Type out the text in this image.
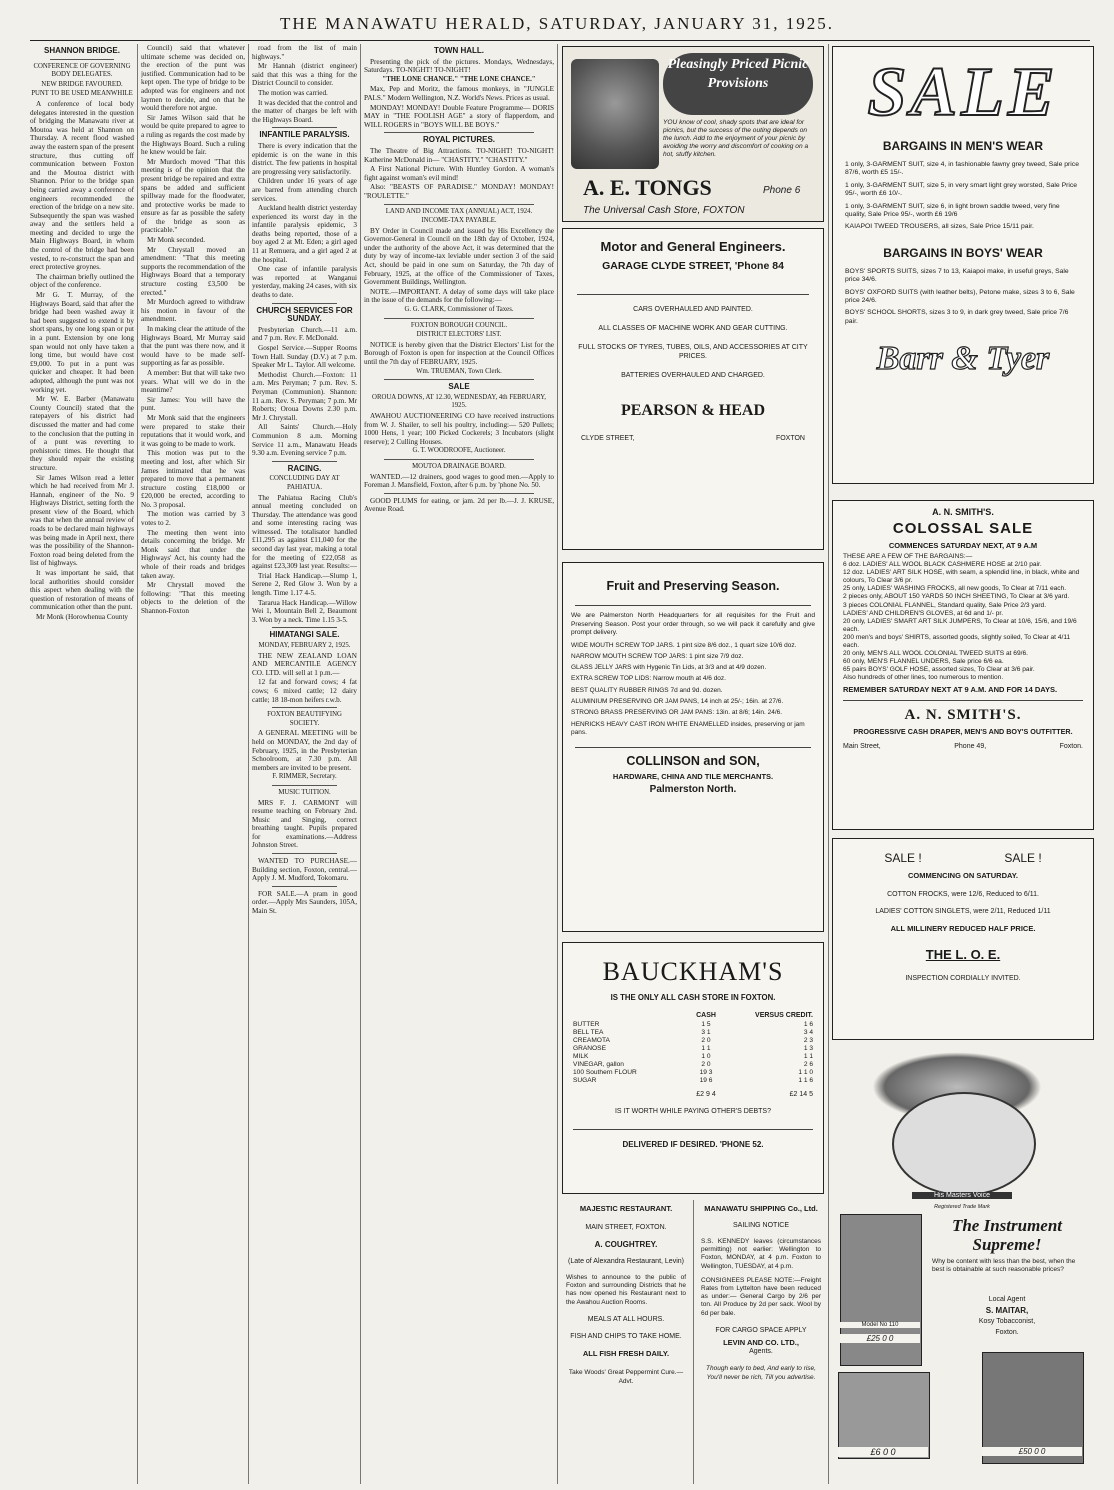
THE MANAWATU HERALD, SATURDAY, JANUARY 31, 1925.
SHANNON BRIDGE.
CONFERENCE OF GOVERNING BODY DELEGATES.
NEW BRIDGE FAVOURED.
PUNT TO BE USED MEANWHILE

A conference of local body delegates interested in the question of bridging the Manawatu river at Moutoa was held at Shannon on Thursday. A recent flood washed away the eastern span of the present structure, thus cutting off communication between Foxton and the Moutoa district with Shannon. Prior to the bridge span being carried away a conference of engineers recommended the erection of the bridge on a new site. Subsequently the span was washed away and the settlers held a meeting and decided to urge the Main Highways Board, in whom the control of the bridge had been vested, to re-construct the span and erect protective groynes.

The chairman briefly outlined the object of the conference.

Mr G. T. Murray, of the Highways Board, said that after the bridge had been washed away it had been suggested to extend it by short spans, by one long span or put in a punt. Extension by one long span would not only have taken a long time, but would have cost £9,000. To put in a punt was quicker and cheaper. It had been adopted, although the punt was not working yet.

Mr W. E. Barber (Manawatu County Council) stated that the ratepayers of his district had discussed the matter and had come to the conclusion that the putting in of a punt was reverting to prehistoric times. He thought that they should repair the existing structure.

Sir James Wilson read a letter which he had received from Mr J. Hannah, engineer of the No. 9 Highways District, setting forth the present view of the Board, which was that when the annual review of roads to be declared main highways was being made in April next, there was the possibility of the Shannon-Foxton road being deleted from the list of highways.

It was important he said, that local authorities should consider this aspect when dealing with the question of restoration of means of communication other than the punt.

Mr Monk (Horowhenua County

Council) said that whatever ultimate scheme was decided on, the erection of the punt was justified. Communication had to be kept open. The type of bridge to be adopted was for engineers and not laymen to decide, and on that he would therefore not argue.

Sir James Wilson said that he would be quite prepared to agree to a ruling as regards the cost made by the Highways Board. Such a ruling he knew would be fair.

Mr Murdoch moved "That this meeting is of the opinion that the present bridge be repaired and extra spans be added and sufficient spillway made for the floodwater, and protective works be made to ensure as far as possible the safety of the bridge as soon as practicable."

Mr Monk seconded.

Mr Chrystall moved an amendment: "That this meeting supports the recommendation of the Highways Board that a temporary structure costing £3,500 be erected."

Mr Murdoch agreed to withdraw his motion in favour of the amendment.

In making clear the attitude of the Highways Board, Mr Murray said that the punt was there now, and it would have to be made self-supporting as far as possible.

A member: But that will take two years. What will we do in the meantime?

Sir James: You will have the punt.

Mr Monk said that the engineers were prepared to stake their reputations that it would work, and it was going to be made to work.

This motion was put to the meeting and lost, after which Sir James intimated that he was prepared to move that a permanent structure costing £18,000 or £20,000 be erected, according to No. 3 proposal.

The motion was carried by 3 votes to 2.

The meeting then went into details concerning the bridge. Mr Monk said that under the Highways' Act, his county had the whole of their roads and bridges taken away.

Mr Chrystall moved the following: "That this meeting objects to the deletion of the Shannon-Foxton

road from the list of main highways."

Mr Hannah (district engineer) said that this was a thing for the District Council to consider.

The motion was carried.

It was decided that the control and the matter of charges be left with the Highways Board.

INFANTILE PARALYSIS.

There is every indication that the epidemic is on the wane in this district. The few patients in hospital are progressing very satisfactorily.

Children under 16 years of age are barred from attending church services.

Auckland health district yesterday experienced its worst day in the infantile paralysis epidemic, 3 deaths being reported, those of a boy aged 2 at Mt. Eden; a girl aged 11 at Remuera, and a girl aged 2 at the hospital.

One case of infantile paralysis was reported at Wanganui yesterday, making 24 cases, with six deaths to date.

CHURCH SERVICES FOR SUNDAY.

Presbyterian Church.—11 a.m. and 7 p.m. Rev. F. McDonald.

Gospel Service.—Supper Rooms Town Hall. Sunday (D.V.) at 7 p.m. Speaker Mr L. Taylor. All welcome.

Methodist Church.—Foxton: 11 a.m. Mrs Peryman; 7 p.m. Rev. S. Peryman (Communion). Shannon: 11 a.m. Rev. S. Peryman; 7 p.m. Mr Roberts; Oroua Downs 2.30 p.m. Mr J. Chrystall.

All Saints' Church.—Holy Communion 8 a.m. Morning Service 11 a.m., Manawatu Heads 9.30 a.m. Evening service 7 p.m.

RACING.
CONCLUDING DAY AT PAHIATUA.

The Pahiatua Racing Club's annual meeting concluded on Thursday. The attendance was good and some interesting racing was witnessed. The totalisator handled £11,295 as against £11,040 for the second day last year, making a total for the meeting of £22,058 as against £23,309 last year. Results:—

Trial Hack Handicap.—Slump 1, Serene 2, Red Glow 3. Won by a length. Time 1.17 4-5.

Tararua Hack Handicap.—Willow Wei 1, Mountain Bell 2, Beaumont 3. Won by a neck. Time 1.15 3-5.

HIMATANGI SALE.
MONDAY, FEBRUARY 2, 1925.

THE NEW ZEALAND LOAN AND MERCANTILE AGENCY CO. LTD. will sell at 1 p.m.—

12 fat and forward cows; 4 fat cows; 6 mixed cattle; 12 dairy cattle; 18 18-mon heifers r.w.b.

FOXTON BEAUTIFYING SOCIETY.

A GENERAL MEETING will be held on MONDAY, the 2nd day of February, 1925, in the Presbyterian Schoolroom, at 7.30 p.m. All members are invited to be present.

F. RIMMER, Secretary.
MUSIC TUITION.

MRS F. J. CARMONT will resume teaching on February 2nd. Music and Singing, correct breathing taught. Pupils prepared for examinations.—Address Johnston Street.

WANTED TO PURCHASE.—Building section, Foxton, central.—Apply J. M. Mudford, Tokomaru.

FOR SALE.—A pram in good order.—Apply Mrs Saunders, 105A, Main St.

TOWN HALL.

Presenting the pick of the pictures. Mondays, Wednesdays, Saturdays. TO-NIGHT! TO-NIGHT!

"THE LONE CHANCE." "THE LONE CHANCE."

Max, Pep and Moritz, the famous monkeys, in "JUNGLE PALS." Modern Wellington, N.Z. World's News. Prices as usual.

MONDAY! MONDAY! Double Feature Programme— DORIS MAY in "THE FOOLISH AGE" a story of flapperdom, and WILL ROGERS in "BOYS WILL BE BOYS."

ROYAL PICTURES.

The Theatre of Big Attractions. TO-NIGHT! TO-NIGHT! Katherine McDonald in— "CHASTITY." "CHASTITY."

A First National Picture. With Huntley Gordon. A woman's fight against woman's evil mind!

Also: "BEASTS OF PARADISE." MONDAY! MONDAY! "ROULETTE."

LAND AND INCOME TAX (ANNUAL) ACT, 1924.
INCOME-TAX PAYABLE.

BY Order in Council made and issued by His Excellency the Governor-General in Council on the 18th day of October, 1924, under the authority of the above Act, it was determined that the duty by way of income-tax leviable under section 3 of the said Act, should be paid in one sum on Saturday, the 7th day of February, 1925, at the office of the Commissioner of Taxes, Government Buildings, Wellington.

NOTE.—IMPORTANT. A delay of some days will take place in the issue of the demands for the following:—

G. G. CLARK, Commissioner of Taxes.
FOXTON BOROUGH COUNCIL.
DISTRICT ELECTORS' LIST.

NOTICE is hereby given that the District Electors' List for the Borough of Foxton is open for inspection at the Council Offices until the 7th day of FEBRUARY, 1925.

Wm. TRUEMAN, Town Clerk.
SALE
OROUA DOWNS, AT 12.30, WEDNESDAY, 4th FEBRUARY, 1925.

AWAHOU AUCTIONEERING CO have received instructions from W. J. Shailer, to sell his poultry, including:— 520 Pullets; 1000 Hens, 1 year; 100 Picked Cockerels; 3 Incubators (slight reserve); 2 Culling Houses.

G. T. WOODROOFE, Auctioneer.
MOUTOA DRAINAGE BOARD.

WANTED.—12 drainers, good wages to good men.—Apply to Foreman J. Mansfield, Foxton, after 6 p.m. by 'phone No. 50.

GOOD PLUMS for eating, or jam. 2d per lb.—J. J. KRUSE, Avenue Road.

Pleasingly Priced Picnic Provisions
YOU know of cool, shady spots that are ideal for picnics, but the success of the outing depends on the lunch. Add to the enjoyment of your picnic by avoiding the worry and discomfort of cooking on a hot, stuffy kitchen.
A. E. TONGS	Phone 6
The Universal Cash Store, FOXTON
Motor and General Engineers.
GARAGE CLYDE STREET, 'Phone 84
CARS OVERHAULED AND PAINTED.
ALL CLASSES OF MACHINE WORK AND GEAR CUTTING.
FULL STOCKS OF TYRES, TUBES, OILS, AND ACCESSORIES AT CITY PRICES.
BATTERIES OVERHAULED AND CHARGED.
PEARSON & HEAD
CLYDE STREET,	FOXTON
Fruit and Preserving Season.
We are Palmerston North Headquarters for all requisites for the Fruit and Preserving Season. Post your order through, so we will pack it carefully and give prompt delivery.
WIDE MOUTH SCREW TOP JARS. 1 pint size 8/6 doz., 1 quart size 10/6 doz.
NARROW MOUTH SCREW TOP JARS: 1 pint size 7/9 doz.
GLASS JELLY JARS with Hygenic Tin Lids, at 3/3 and at 4/9 dozen.
EXTRA SCREW TOP LIDS: Narrow mouth at 4/6 doz.
BEST QUALITY RUBBER RINGS 7d and 9d. dozen.
ALUMINIUM PRESERVING OR JAM PANS, 14 inch at 25/-; 16in. at 27/6.
STRONG BRASS PRESERVING OR JAM PANS: 13in. at 8/6; 14in. 24/6.
HENRICKS HEAVY CAST IRON WHITE ENAMELLED insides, preserving or jam pans.
COLLINSON and SON,
HARDWARE, CHINA AND TILE MERCHANTS.
Palmerston North.
BAUCKHAM'S
IS THE ONLY ALL CASH STORE IN FOXTON.
CASH	VERSUS CREDIT.
BUTTER	1 5	1 6
BELL TEA	3 1	3 4
CREAMOTA	2 0	2 3
GRANOSE	1 1	1 3
MILK	1 0	1 1
VINEGAR, gallon	2 0	2 6
100 Southern FLOUR	19 3	1 1 0
SUGAR	19 6	1 1 6
£2 9 4	£2 14 5
IS IT WORTH WHILE PAYING OTHER'S DEBTS?
DELIVERED IF DESIRED. 'PHONE 52.
MAJESTIC RESTAURANT.
MAIN STREET, FOXTON.
A. COUGHTREY.
(Late of Alexandra Restaurant, Levin)
Wishes to announce to the public of Foxton and surrounding Districts that he has now opened his Restaurant next to the Awahou Auction Rooms.
MEALS AT ALL HOURS.
FISH AND CHIPS TO TAKE HOME.
ALL FISH FRESH DAILY.
Take Woods' Great Peppermint Cure.—Advt.
MANAWATU SHIPPING Co., Ltd.
SAILING NOTICE
S.S. KENNEDY leaves (circumstances permitting) not earlier: Wellington to Foxton, MONDAY, at 4 p.m. Foxton to Wellington, TUESDAY, at 4 p.m.
CONSIGNEES PLEASE NOTE:—Freight Rates from Lyttelton have been reduced as under:— General Cargo by 2/6 per ton. All Produce by 2d per sack. Wool by 6d per bale.
FOR CARGO SPACE APPLY
LEVIN AND CO. LTD.,
Agents.
Though early to bed, And early to rise, You'll never be rich, Till you advertise.
SALE
BARGAINS IN MEN'S WEAR
1 only, 3-GARMENT SUIT, size 4, in fashionable fawny grey tweed, Sale price 87/6, worth £5 15/-.
1 only, 3-GARMENT SUIT, size 5, in very smart light grey worsted, Sale Price 95/-, worth £6 10/-.
1 only, 3-GARMENT SUIT, size 6, in light brown saddle tweed, very fine quality, Sale Price 95/-, worth £6 19/6
KAIAPOI TWEED TROUSERS, all sizes, Sale Price 15/11 pair.
BARGAINS IN BOYS' WEAR
BOYS' SPORTS SUITS, sizes 7 to 13, Kaiapoi make, in useful greys, Sale price 34/6.
BOYS' OXFORD SUITS (with leather belts), Petone make, sizes 3 to 6, Sale price 24/6.
BOYS' SCHOOL SHORTS, sizes 3 to 9, in dark grey tweed, Sale price 7/6 pair.
Barr & Tyer
A. N. SMITH'S.
COLOSSAL SALE
COMMENCES SATURDAY NEXT, AT 9 A.M
THESE ARE A FEW OF THE BARGAINS:—
6 doz. LADIES' ALL WOOL BLACK CASHMERE HOSE at 2/10 pair.
12 doz. LADIES' ART SILK HOSE, with seam, a splendid line, in black, white and colours, To Clear 3/6 pr.
25 only, LADIES' WASHING FROCKS, all new goods, To Clear at 7/11 each.
2 pieces only, ABOUT 150 YARDS 50 INCH SHEETING, To Clear at 3/6 yard.
3 pieces COLONIAL FLANNEL, Standard quality, Sale Price 2/3 yard.
LADIES' AND CHILDREN'S GLOVES, at 6d and 1/- pr.
20 only, LADIES' SMART ART SILK JUMPERS, To Clear at 10/6, 15/6, and 19/6 each.
200 men's and boys' SHIRTS, assorted goods, slightly soiled, To Clear at 4/11 each.
20 only, MEN'S ALL WOOL COLONIAL TWEED SUITS at 69/6.
60 only, MEN'S FLANNEL UNDERS, Sale price 6/6 ea.
65 pairs BOYS' GOLF HOSE, assorted sizes, To Clear at 3/6 pair.
Also hundreds of other lines, too numerous to mention.
REMEMBER SATURDAY NEXT AT 9 A.M. AND FOR 14 DAYS.
A. N. SMITH'S.
PROGRESSIVE CASH DRAPER, MEN'S AND BOY'S OUTFITTER.
Main Street,	Phone 49,	Foxton.
SALE !	SALE !
COMMENCING ON SATURDAY.
COTTON FROCKS, were 12/6, Reduced to 6/11.
LADIES' COTTON SINGLETS, were 2/11, Reduced 1/11
ALL MILLINERY REDUCED HALF PRICE.
THE L. O. E.
INSPECTION CORDIALLY INVITED.
His Masters Voice
Registered Trade Mark
The Instrument Supreme!
Why be content with less than the best, when the best is obtainable at such reasonable prices?
Local Agent
S. MAITAR,
Kosy Tobacconist,
Foxton.
Model No 110
£25 0 0
£6 0 0	£50 0 0
